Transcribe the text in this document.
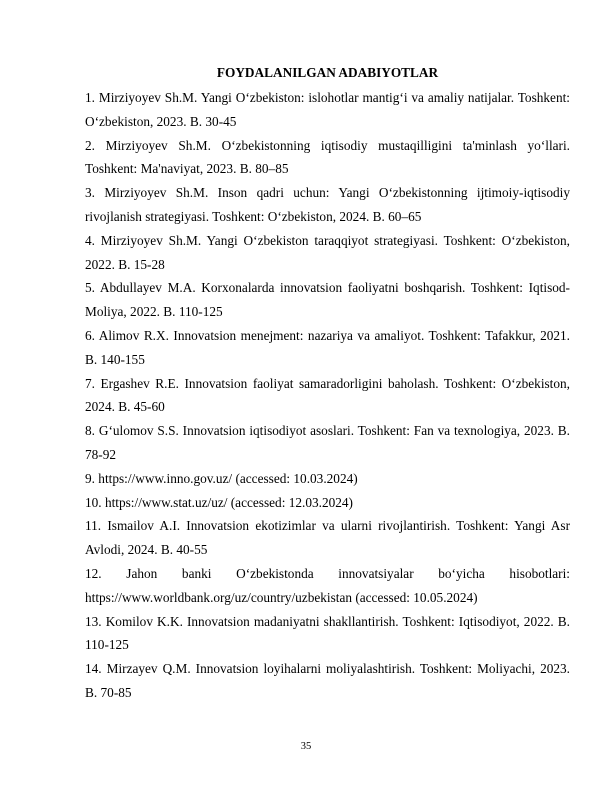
FOYDALANILGAN ADABIYOTLAR
1. Mirziyoyev Sh.M. Yangi O‘zbekiston: islohotlar mantig‘i va amaliy natijalar. Toshkent: O‘zbekiston, 2023. B. 30-45
2. Mirziyoyev Sh.M. O‘zbekistonning iqtisodiy mustaqilligini ta'minlash yo‘llari. Toshkent: Ma'naviyat, 2023. B. 80–85
3. Mirziyoyev Sh.M. Inson qadri uchun: Yangi O‘zbekistonning ijtimoiy-iqtisodiy rivojlanish strategiyasi. Toshkent: O‘zbekiston, 2024. B. 60–65
4. Mirziyoyev Sh.M. Yangi O‘zbekiston taraqqiyot strategiyasi. Toshkent: O‘zbekiston, 2022. B. 15-28
5. Abdullayev M.A. Korxonalarda innovatsion faoliyatni boshqarish. Toshkent: Iqtisod-Moliya, 2022. B. 110-125
6. Alimov R.X. Innovatsion menejment: nazariya va amaliyot. Toshkent: Tafakkur, 2021. B. 140-155
7. Ergashev R.E. Innovatsion faoliyat samaradorligini baholash. Toshkent: O‘zbekiston, 2024. B. 45-60
8. G‘ulomov S.S. Innovatsion iqtisodiyot asoslari. Toshkent: Fan va texnologiya, 2023. B. 78-92
9. https://www.inno.gov.uz/ (accessed: 10.03.2024)
10. https://www.stat.uz/uz/ (accessed: 12.03.2024)
11. Ismailov A.I. Innovatsion ekotizimlar va ularni rivojlantirish. Toshkent: Yangi Asr Avlodi, 2024. B. 40-55
12. Jahon banki O‘zbekistonda innovatsiyalar bo‘yicha hisobotlari: https://www.worldbank.org/uz/country/uzbekistan (accessed: 10.05.2024)
13. Komilov K.K. Innovatsion madaniyatni shakllantirish. Toshkent: Iqtisodiyot, 2022. B. 110-125
14. Mirzayev Q.M. Innovatsion loyihalarni moliyalashtirish. Toshkent: Moliyachi, 2023. B. 70-85
35
